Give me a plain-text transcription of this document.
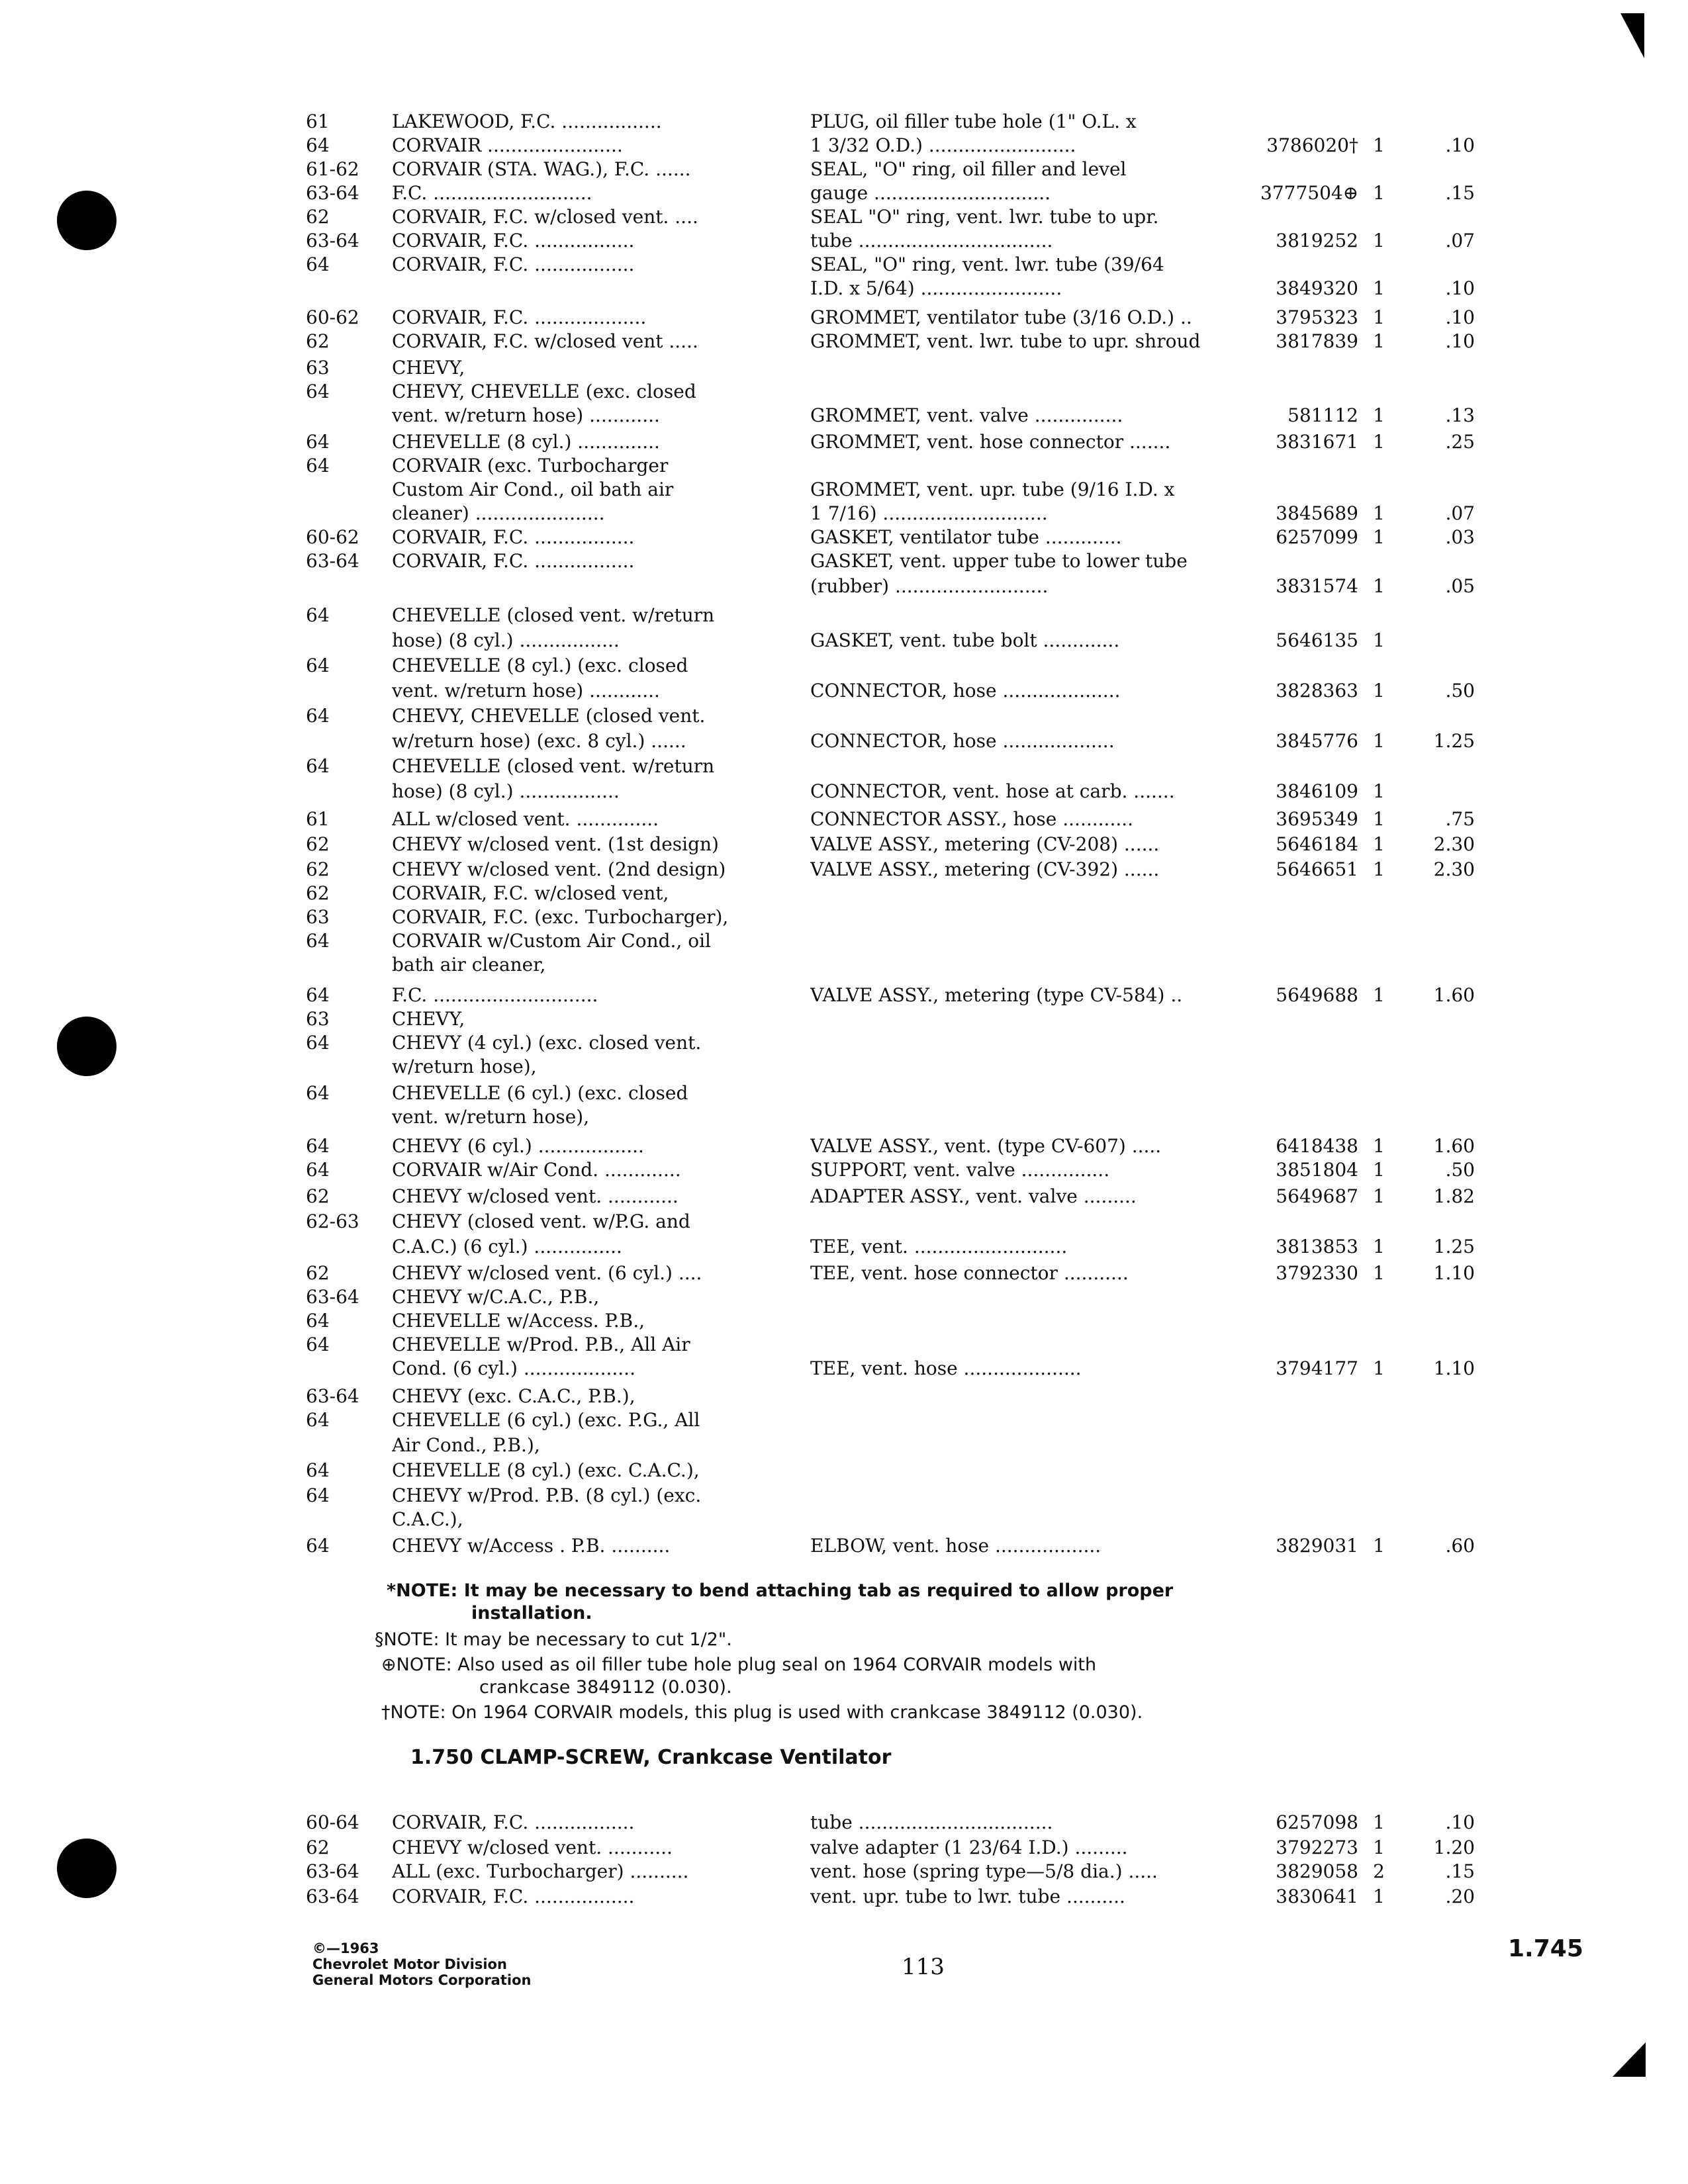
61	LAKEWOOD, F.C. .................	PLUG, oil filler tube hole (1" O.L. x
64	CORVAIR .......................	1 3/32 O.D.) .........................	3786020† 1	.10
61-62 CORVAIR (STA. WAG.), F.C. ......	SEAL, "O" ring, oil filler and level
63-64 F.C. ...........................	gauge ..............................	3777504⊕ 1	.15
62	CORVAIR, F.C. w/closed vent. ....	SEAL "O" ring, vent. lwr. tube to upr.
63-64 CORVAIR, F.C. .................	tube .................................	3819252 1	.07
64	CORVAIR, F.C. .................	SEAL, "O" ring, vent. lwr. tube (39/64
I.D. x 5/64) ........................	3849320 1	.10
60-62 CORVAIR, F.C. ...................	GROMMET, ventilator tube (3/16 O.D.) ..	3795323 1	.10
62	CORVAIR, F.C. w/closed vent .....	GROMMET, vent. lwr. tube to upr. shroud	3817839 1	.10
63	CHEVY,
64	CHEVY, CHEVELLE (exc. closed
vent. w/return hose) ............	GROMMET, vent. valve ...............	581112 1	.13
64	CHEVELLE (8 cyl.) ..............	GROMMET, vent. hose connector .......	3831671 1	.25
64	CORVAIR (exc. Turbocharger
Custom Air Cond., oil bath air	GROMMET, vent. upr. tube (9/16 I.D. x
cleaner) ......................	1 7/16) ............................	3845689 1	.07
60-62 CORVAIR, F.C. .................	GASKET, ventilator tube .............	6257099 1	.03
63-64 CORVAIR, F.C. .................	GASKET, vent. upper tube to lower tube
(rubber) ..........................	3831574 1	.05
64	CHEVELLE (closed vent. w/return
hose) (8 cyl.) .................	GASKET, vent. tube bolt .............	5646135 1
64	CHEVELLE (8 cyl.) (exc. closed
vent. w/return hose) ............	CONNECTOR, hose ....................	3828363 1	.50
64	CHEVY, CHEVELLE (closed vent.
w/return hose) (exc. 8 cyl.) ......	CONNECTOR, hose ...................	3845776 1	1.25
64	CHEVELLE (closed vent. w/return
hose) (8 cyl.) .................	CONNECTOR, vent. hose at carb. .......	3846109 1
61	ALL w/closed vent. ..............	CONNECTOR ASSY., hose ............	3695349 1	.75
62	CHEVY w/closed vent. (1st design)	VALVE ASSY., metering (CV-208) ......	5646184 1	2.30
62	CHEVY w/closed vent. (2nd design)	VALVE ASSY., metering (CV-392) ......	5646651 1	2.30
62	CORVAIR, F.C. w/closed vent,
63	CORVAIR, F.C. (exc. Turbocharger),
64	CORVAIR w/Custom Air Cond., oil
bath air cleaner,
64	F.C. ............................	VALVE ASSY., metering (type CV-584) ..	5649688 1	1.60
63	CHEVY,
64	CHEVY (4 cyl.) (exc. closed vent.
w/return hose),
64	CHEVELLE (6 cyl.) (exc. closed
vent. w/return hose),
64	CHEVY (6 cyl.) ..................	VALVE ASSY., vent. (type CV-607) .....	6418438 1	1.60
64	CORVAIR w/Air Cond. .............	SUPPORT, vent. valve ...............	3851804 1	.50
62	CHEVY w/closed vent. ............	ADAPTER ASSY., vent. valve .........	5649687 1	1.82
62-63 CHEVY (closed vent. w/P.G. and
C.A.C.) (6 cyl.) ...............	TEE, vent. ..........................	3813853 1	1.25
62	CHEVY w/closed vent. (6 cyl.) ....	TEE, vent. hose connector ...........	3792330 1	1.10
63-64 CHEVY w/C.A.C., P.B.,
64	CHEVELLE w/Access. P.B.,
64	CHEVELLE w/Prod. P.B., All Air
Cond. (6 cyl.) ...................	TEE, vent. hose ....................	3794177 1	1.10
63-64 CHEVY (exc. C.A.C., P.B.),
64	CHEVELLE (6 cyl.) (exc. P.G., All
Air Cond., P.B.),
64	CHEVELLE (8 cyl.) (exc. C.A.C.),
64	CHEVY w/Prod. P.B. (8 cyl.) (exc.
C.A.C.),
64	CHEVY w/Access . P.B. ..........	ELBOW, vent. hose ..................	3829031 1	.60
*NOTE: It may be necessary to bend attaching tab as required to allow proper
installation.
§NOTE: It may be necessary to cut 1/2".
⊕NOTE: Also used as oil filler tube hole plug seal on 1964 CORVAIR models with
crankcase 3849112 (0.030).
†NOTE: On 1964 CORVAIR models, this plug is used with crankcase 3849112 (0.030).
1.750 CLAMP-SCREW, Crankcase Ventilator
60-64 CORVAIR, F.C. .................	tube .................................	6257098 1	.10
62	CHEVY w/closed vent. ...........	valve adapter (1 23/64 I.D.) .........	3792273 1	1.20
63-64 ALL (exc. Turbocharger) ..........	vent. hose (spring type—5/8 dia.) .....	3829058 2	.15
63-64 CORVAIR, F.C. .................	vent. upr. tube to lwr. tube ..........	3830641 1	.20
©—1963
Chevrolet Motor Division
General Motors Corporation	113
1.745
